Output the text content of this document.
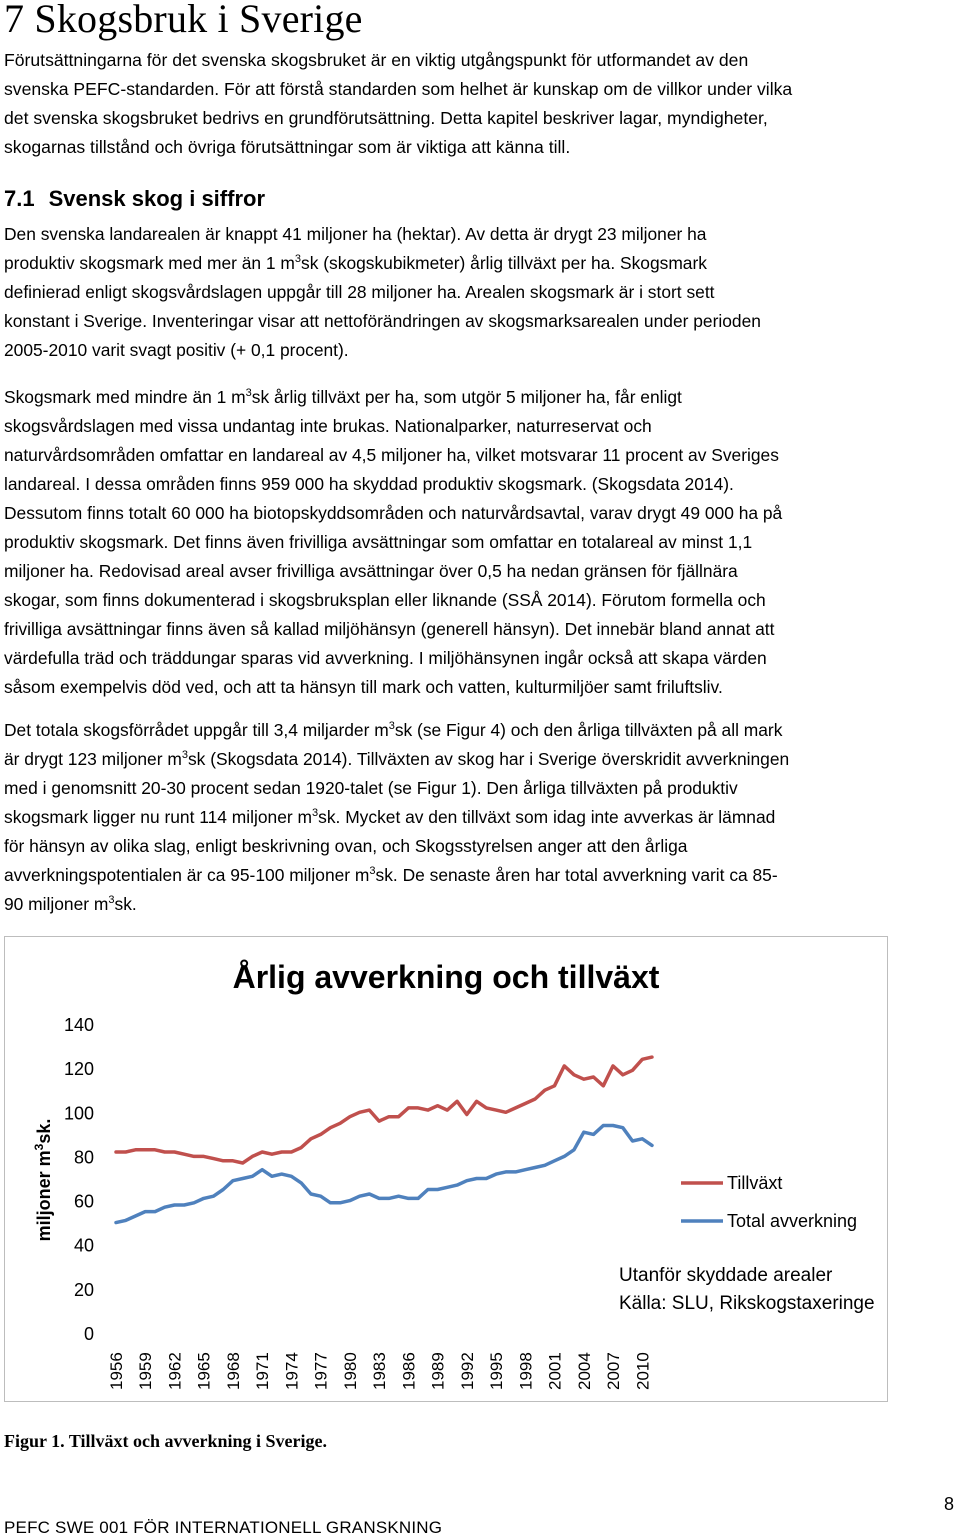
7 Skogsbruk i Sverige
Förutsättningarna för det svenska skogsbruket är en viktig utgångspunkt för utformandet av den
svenska PEFC-standarden. För att förstå standarden som helhet är kunskap om de villkor under vilka
det svenska skogsbruket bedrivs en grundförutsättning. Detta kapitel beskriver lagar, myndigheter,
skogarnas tillstånd och övriga förutsättningar som är viktiga att känna till.
7.1 Svensk skog i siffror
Den svenska landarealen är knappt 41 miljoner ha (hektar). Av detta är drygt 23 miljoner ha
produktiv skogsmark med mer än 1 $m^3sk$ (skogskubikmeter) årlig tillväxt per ha. Skogsmark
definierad enligt skogsvårdslagen uppgår till 28 miljoner ha. Arealen skogsmark är i stort sett
konstant i Sverige. Inventeringar visar att nettoförändringen av skogsmarksarealen under perioden
2005-2010 varit svagt positiv (+ 0,1 procent).
Skogsmark med mindre än 1 $m^3sk$ årlig tillväxt per ha, som utgör 5 miljoner ha, får enligt
skogsvårdslagen med vissa undantag inte brukas. Nationalparker, naturreservat och
naturvårdsområden omfattar en landareal av 4,5 miljoner ha, vilket motsvarar 11 procent av Sveriges
landareal. I dessa områden finns 959 000 ha skyddad produktiv skogsmark. (Skogsdata 2014).
Dessutom finns totalt 60 000 ha biotopskyddsområden och naturvårdsavtal, varav drygt 49 000 ha på
produktiv skogsmark. Det finns även frivilliga avsättningar som omfattar en totalareal av minst 1,1
miljoner ha. Redovisad areal avser frivilliga avsättningar över 0,5 ha nedan gränsen för fjällnära
skogar, som finns dokumenterad i skogsbruksplan eller liknande (SSÅ 2014). Förutom formella och
frivilliga avsättningar finns även så kallad miljöhänsyn (generell hänsyn). Det innebär bland annat att
värdefulla träd och träddungar sparas vid avverkning. I miljöhänsynen ingår också att skapa värden
såsom exempelvis död ved, och att ta hänsyn till mark och vatten, kulturmiljöer samt friluftsliv.
Det totala skogsförrådet uppgår till 3,4 miljarder $m^3sk$ (se Figur 4) och den årliga tillväxten på all mark
är drygt 123 miljoner $m^3sk$ (Skogsdata 2014). Tillväxten av skog har i Sverige överskridit avverkningen
med i genomsnitt 20-30 procent sedan 1920-talet (se Figur 1). Den årliga tillväxten på produktiv
skogsmark ligger nu runt 114 miljoner $m^3sk$. Mycket av den tillväxt som idag inte avverkas är lämnad
för hänsyn av olika slag, enligt beskrivning ovan, och Skogsstyrelsen anger att den årliga
avverkningspotentialen är ca 95-100 miljoner $m^3sk$. De senaste åren har total avverkning varit ca 85-
90 miljoner $m^3sk$.
Årlig avverkning och tillväxt
miljoner $m^3sk$.
0
20
40
60
80
100
120
140
1956 1959 1962 1965 1968 1971 1974 1977 1980 1983 1986 1989 1992 1995 1998 2001 2004 2007 2010
Tillväxt
Total avverkning
Utanför skyddade arealer
Källa: SLU, Rikskogstaxeringe
Figur 1. Tillväxt och avverkning i Sverige.
8
PEFC SWE 001 FÖR INTERNATIONELL GRANSKNING
